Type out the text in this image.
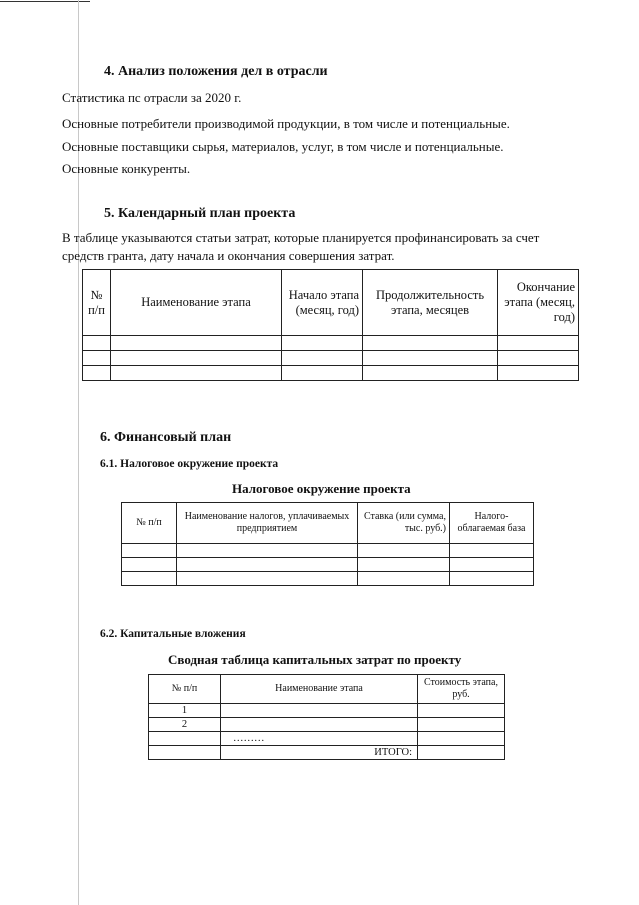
4. Анализ положения дел в отрасли
Статистика пс отрасли за 2020 г.
Основные потребители производимой продукции, в том числе и потенциальные.
Основные поставщики сырья, материалов, услуг, в том числе и потенциальные.
Основные конкуренты.
5. Календарный план проекта
В таблице указываются статьи затрат, которые планируется профинансировать за счет
средств гранта, дату начала и окончания совершения затрат.
№ п/п	Наименование этапа	Начало этапа (месяц, год)	Продолжительность этапа, месяцев	Окончание этапа (месяц, год)

6. Финансовый план
6.1. Налоговое окружение проекта
Налоговое окружение проекта
№ п/п	Наименование налогов, уплачиваемых предприятием	Ставка (или сумма, тыс. руб.)	Налого-облагаемая база

6.2. Капитальные вложения
Сводная таблица капитальных затрат по проекту
№ п/п	Наименование этапа	Стоимость этапа, руб.
1		
2		
	………	
	ИТОГО:	
